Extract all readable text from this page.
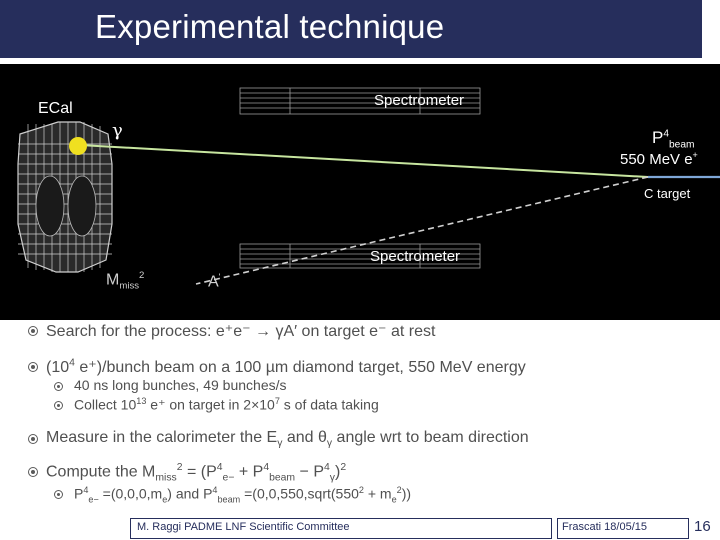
Experimental technique
Spectrometer
Spectrometer
ECal
γ	$P^4_{beam}$
550 MeV e+
C target
$M_{miss}^2$	A'
Search for the process: e⁺e⁻ → γA′ on target e⁻ at rest
($10^4$ e⁺)/bunch beam on a 100 µm diamond target, 550 MeV energy
40 ns long bunches, 49 bunches/s
Collect $10^{13}$ e⁺ on target in $2\times 10^7$ s of data taking
Measure in the calorimeter the $E_\gamma$ and $\theta_\gamma$ angle wrt to beam direction
Compute the $M_{miss}^2 = (P^4_{e-} + P^4_{beam} - P^4_\gamma)^2$
$P^4_{e-} =(0,0,0,m_e)$ and $P^4_{beam}$ $=(0,0,550,sqrt(550^2 + m_e^2))$
M. Raggi PADME LNF Scientific Committee	Frascati 18/05/15	16
